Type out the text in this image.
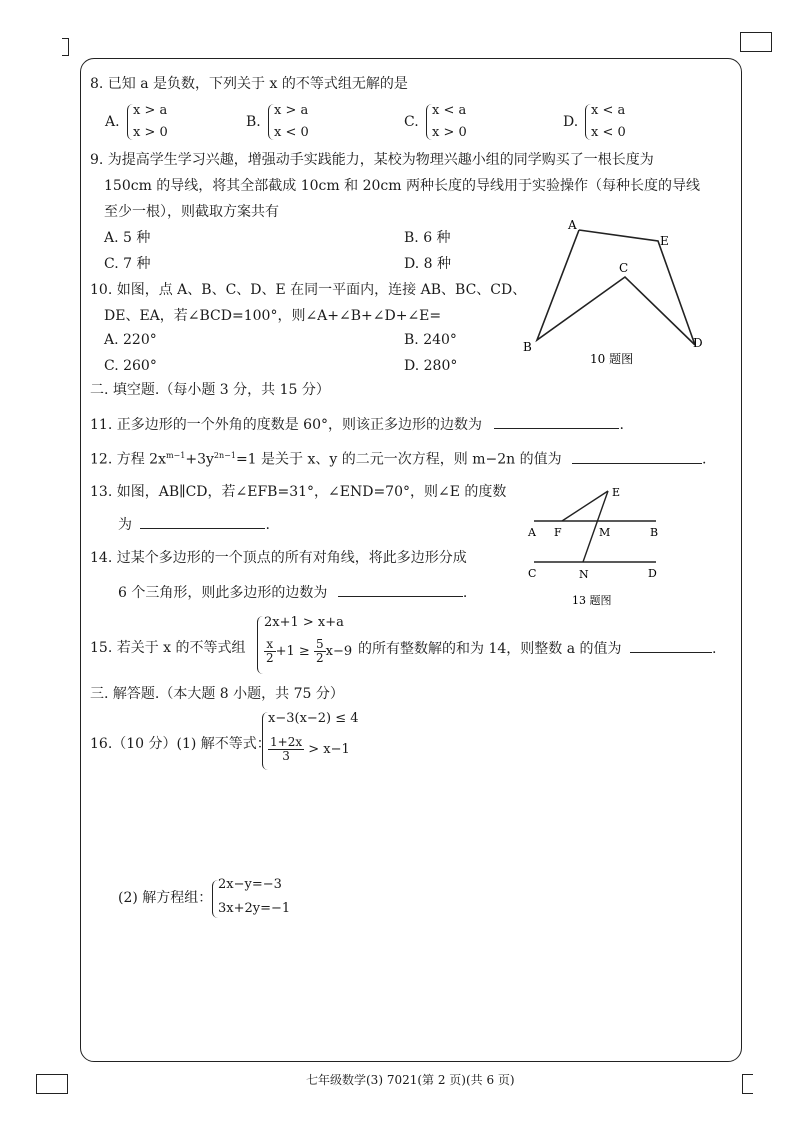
8. 已知 a 是负数，下列关于 x 的不等式组无解的是
A.
x > a
x > 0
B.
x > a
x < 0
C.
x < a
x > 0
D.
x < a
x < 0
9. 为提高学生学习兴趣，增强动手实践能力，某校为物理兴趣小组的同学购买了一根长度为
150cm 的导线，将其全部截成 10cm 和 20cm 两种长度的导线用于实验操作（每种长度的导线
至少一根），则截取方案共有
A. 5 种	B. 6 种
C. 7 种	D. 8 种
10. 如图，点 A、B、C、D、E 在同一平面内，连接 AB、BC、CD、
DE、EA，若∠BCD=100°，则∠A+∠B+∠D+∠E=
A. 220°	B. 240°
C. 260°	D. 280°
A
E
C
B	D
10 题图
二. 填空题.（每小题 3 分，共 15 分）
11. 正多边形的一个外角的度数是 60°，则该正多边形的边数为	.
12. 方程 $2x^{m-1}+3y^{2n-1}=1$ 是关于 x、y 的二元一次方程，则 m−2n 的值为	.
13. 如图，AB∥CD，若∠EFB=31°，∠END=70°，则∠E 的度数
为	.
E
A F	M	B
C	N	D
13 题图
14. 过某个多边形的一个顶点的所有对角线，将此多边形分成
6 个三角形，则此多边形的边数为	.
15. 若关于 x 的不等式组
2x+1 > x+a
$\frac{x}{2} +1 \ge \frac{5}{2} x-9$ 的所有整数解的和为 14，则整数 a 的值为	.
三. 解答题.（本大题 8 小题，共 75 分）
16.（10 分）(1) 解不等式：
x−3(x−2) ≤ 4
$\frac{1+2x}{3} > x-1$
(2) 解方程组：
2x−y=−3
3x+2y=−1
七年级数学(3) 7021(第 2 页)(共 6 页)
